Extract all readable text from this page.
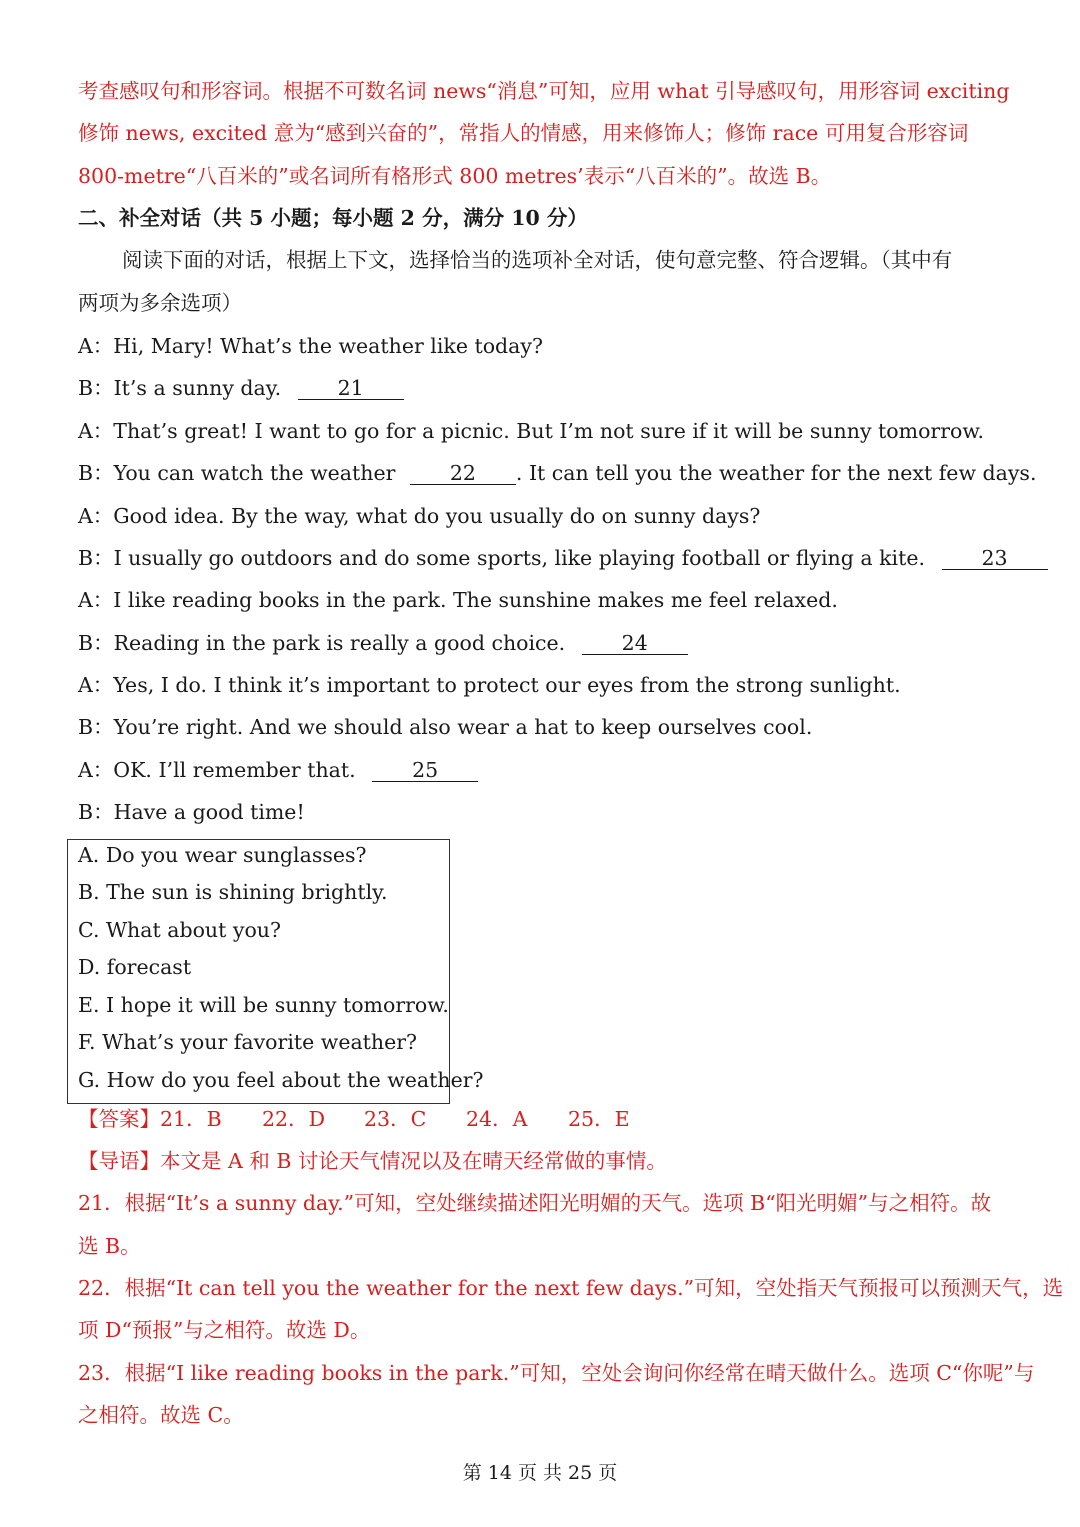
考查感叹句和形容词。根据不可数名词 news“消息”可知，应用 what 引导感叹句，用形容词 exciting
修饰 news, excited 意为“感到兴奋的”，常指人的情感，用来修饰人；修饰 race 可用复合形容词
800-metre“八百米的”或名词所有格形式 800 metres’表示“八百米的”。故选 B。
二、补全对话（共 5 小题；每小题 2 分，满分 10 分）
阅读下面的对话，根据上下文，选择恰当的选项补全对话，使句意完整、符合逻辑。（其中有
两项为多余选项）
A：Hi, Mary! What’s the weather like today?
B：It’s a sunny day.	21
A：That’s great! I want to go for a picnic. But I’m not sure if it will be sunny tomorrow.
B：You can watch the weather	22 . It can tell you the weather for the next few days.
A：Good idea. By the way, what do you usually do on sunny days?
B：I usually go outdoors and do some sports, like playing football or flying a kite.	23
A：I like reading books in the park. The sunshine makes me feel relaxed.
B：Reading in the park is really a good choice.	24
A：Yes, I do. I think it’s important to protect our eyes from the strong sunlight.
B：You’re right. And we should also wear a hat to keep ourselves cool.
A：OK. I’ll remember that.	25
B：Have a good time!
A. Do you wear sunglasses?
B. The sun is shining brightly.
C. What about you?
D. forecast
E. I hope it will be sunny tomorrow.
F. What’s your favorite weather?
G. How do you feel about the weather?
【答案】21．B 22．D 23．C 24．A 25．E
【导语】本文是 A 和 B 讨论天气情况以及在晴天经常做的事情。
21．根据“It’s a sunny day.”可知，空处继续描述阳光明媚的天气。选项 B“阳光明媚”与之相符。故
选 B。
22．根据“It can tell you the weather for the next few days.”可知，空处指天气预报可以预测天气，选
项 D“预报”与之相符。故选 D。
23．根据“I like reading books in the park.”可知，空处会询问你经常在晴天做什么。选项 C“你呢”与
之相符。故选 C。
第 14 页 共 25 页
